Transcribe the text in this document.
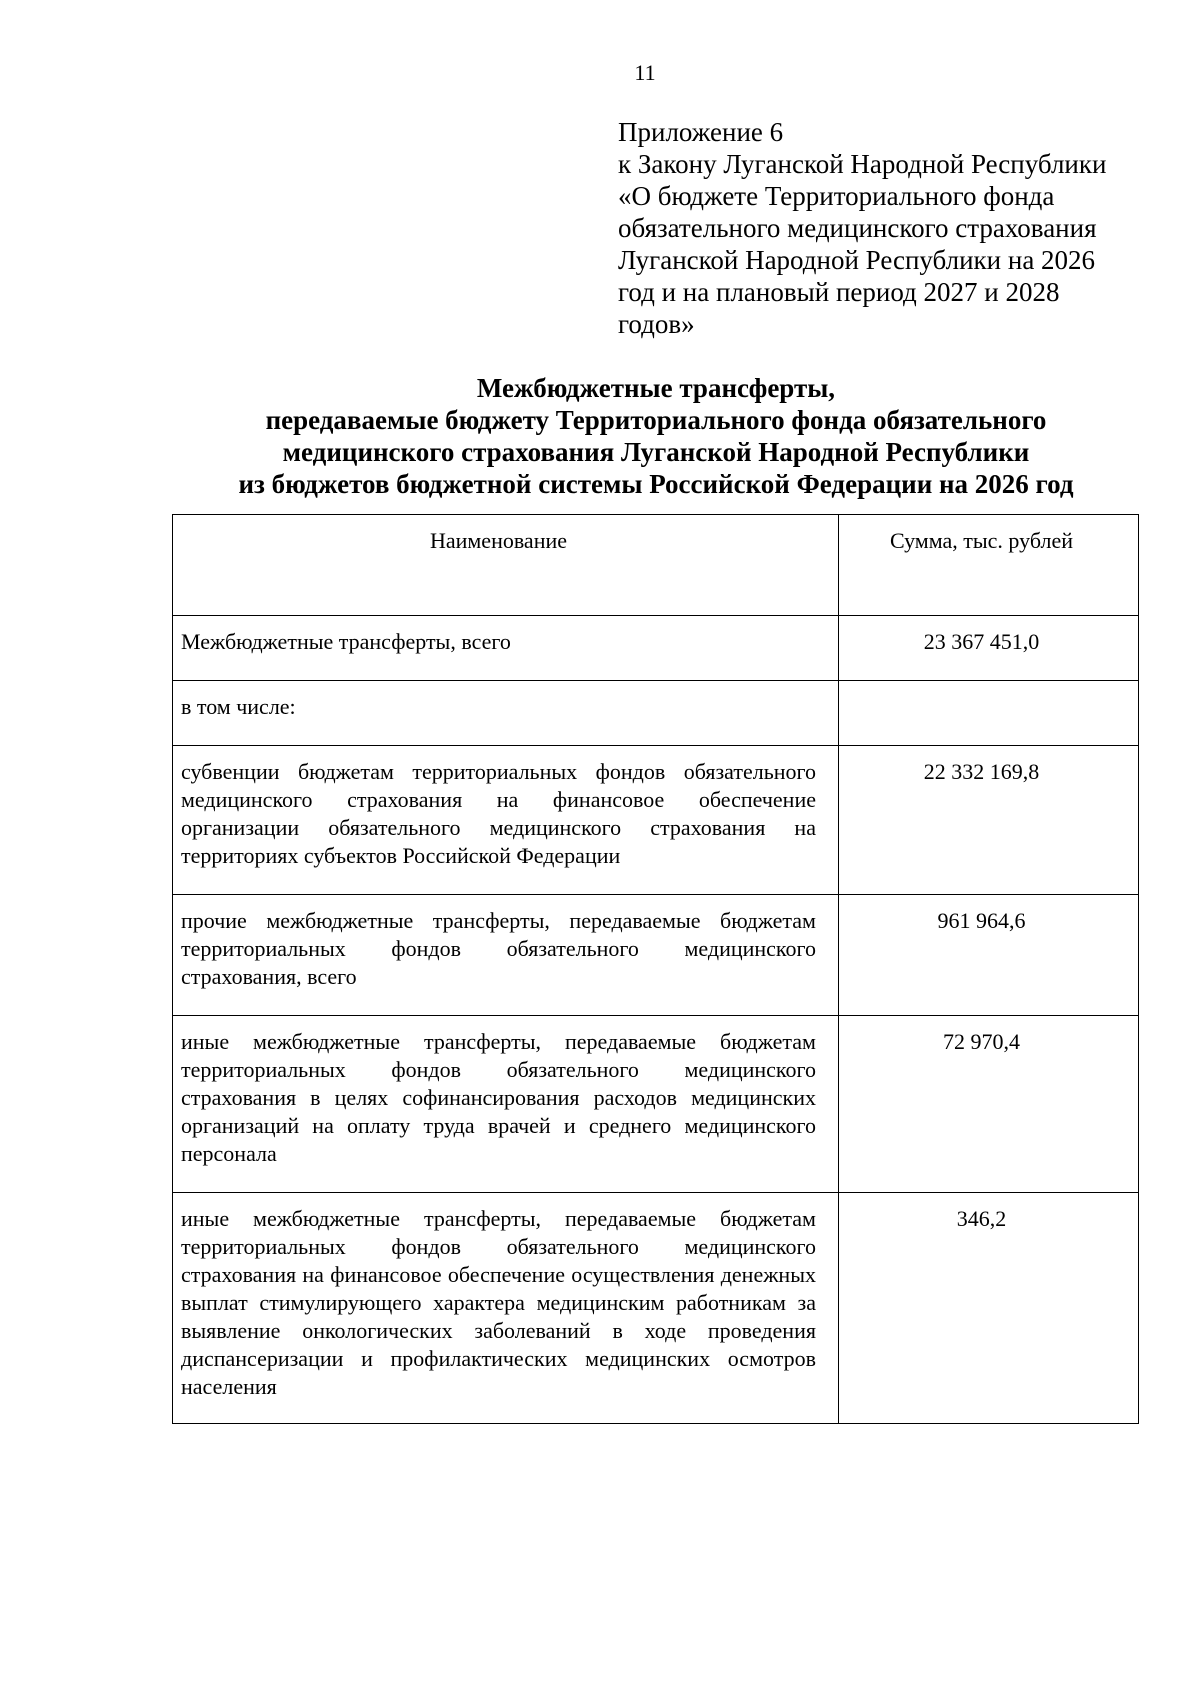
11
Приложение 6
к Закону Луганской Народной Республики
«О бюджете Территориального фонда
обязательного медицинского страхования
Луганской Народной Республики на 2026
год и на плановый период 2027 и 2028
годов»
Межбюджетные трансферты,
передаваемые бюджету Территориального фонда обязательного
медицинского страхования Луганской Народной Республики
из бюджетов бюджетной системы Российской Федерации на 2026 год
Наименование	Сумма, тыс. рублей

Межбюджетные трансферты, всего	23 367 451,0

в том числе:	

субвенции бюджетам территориальных фондов обязательного медицинского страхования на финансовое обеспечение организации обязательного медицинского страхования на территориях субъектов Российской Федерации	22 332 169,8

прочие межбюджетные трансферты, передаваемые бюджетам территориальных фондов обязательного медицинского страхования, всего	961 964,6

иные межбюджетные трансферты, передаваемые бюджетам территориальных фондов обязательного медицинского страхования в целях софинансирования расходов медицинских организаций на оплату труда врачей и среднего медицинского персонала	72 970,4

иные межбюджетные трансферты, передаваемые бюджетам территориальных фондов обязательного медицинского страхования на финансовое обеспечение осуществления денежных выплат стимулирующего характера медицинским работникам за выявление онкологических заболеваний в ходе проведения диспансеризации и профилактических медицинских осмотров населения	346,2
